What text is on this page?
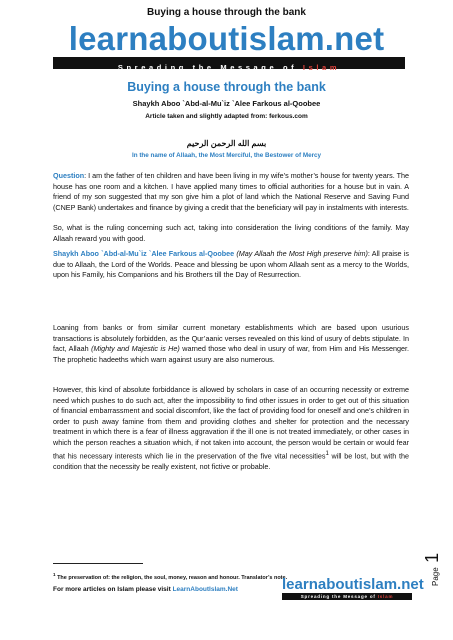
Buying a house through the bank
learnaboutislam.net
Spreading the Message of Islam
Buying a house through the bank
Shaykh Aboo `Abd-al-Mu`iz `Alee Farkous al-Qoobee
Article taken and slightly adapted from: ferkous.com
بسم الله الرحمن الرحيم
In the name of Allaah, the Most Merciful, the Bestower of Mercy
Question: I am the father of ten children and have been living in my wife’s mother’s house for twenty years. The house has one room and a kitchen. I have applied many times to official authorities for a house but in vain. A friend of my son suggested that my son give him a plot of land which the National Reserve and Saving Fund (CNEP Bank) undertakes and finance by giving a credit that the beneficiary will pay in instalments with interests.
So, what is the ruling concerning such act, taking into consideration the living conditions of the family. May Allaah reward you with good.
Shaykh Aboo `Abd-al-Mu`iz `Alee Farkous al-Qoobee (May Allaah the Most High preserve him): All praise is due to Allaah, the Lord of the Worlds. Peace and blessing be upon whom Allaah sent as a mercy to the Worlds, upon his Family, his Companions and his Brothers till the Day of Resurrection.
Loaning from banks or from similar current monetary establishments which are based upon usurious transactions is absolutely forbidden, as the Qur’aanic verses revealed on this kind of usury of debts stipulate. In fact, Allaah (Mighty and Majestic is He) warned those who deal in usury of war, from Him and His Messenger. The prophetic hadeeths which warn against usury are also numerous.
However, this kind of absolute forbiddance is allowed by scholars in case of an occurring necessity or extreme need which pushes to do such act, after the impossibility to find other issues in order to get out of this situation of financial embarrassment and social discomfort, like the fact of providing food for oneself and one’s children in order to push away famine from them and providing clothes and shelter for protection and the necessary treatment in which there is a fear of illness aggravation if the ill one is not treated immediately, or other cases in which the person reaches a situation which, if not taken into account, the person would be certain or would fear that his necessary interests which lie in the preservation of the five vital necessities$^1$ will be lost, but with the condition that the necessity be really existent, not fictive or probable.
$^1$ The preservation of: the religion, the soul, money, reason and honour. Translator’s note.
For more articles on Islam please visit LearnAboutIslam.Net	learnaboutislam.net
Spreading the Message of Islam
Page 1
